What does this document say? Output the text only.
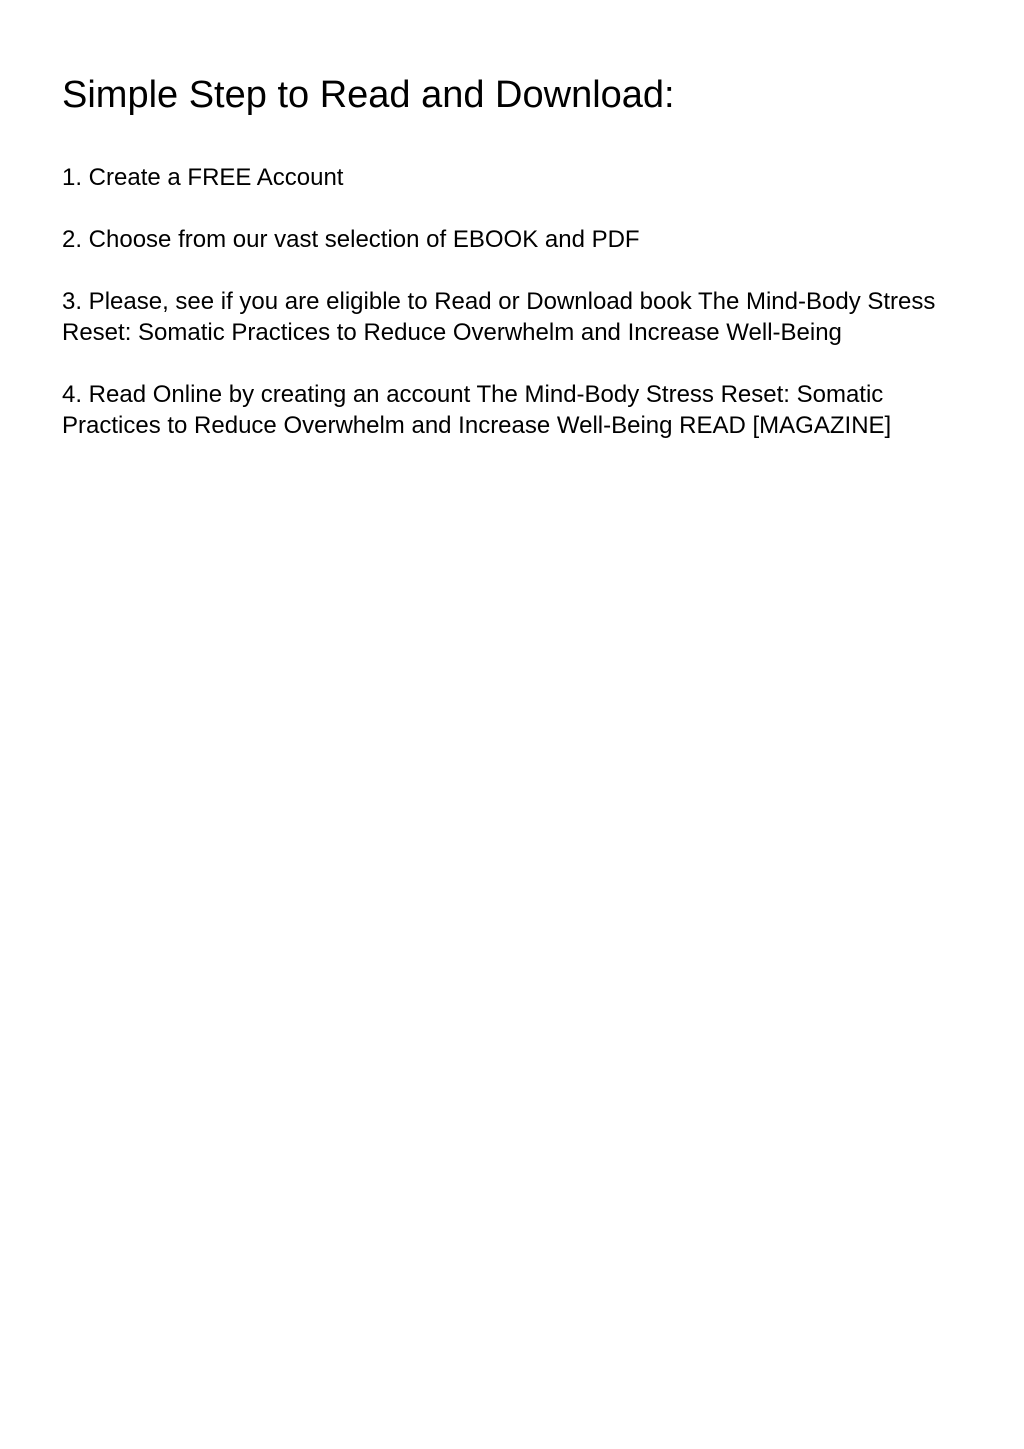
Simple Step to Read and Download:
1. Create a FREE Account
2. Choose from our vast selection of EBOOK and PDF
3. Please, see if you are eligible to Read or Download book The Mind-Body Stress Reset: Somatic Practices to Reduce Overwhelm and Increase Well-Being
4. Read Online by creating an account The Mind-Body Stress Reset: Somatic Practices to Reduce Overwhelm and Increase Well-Being READ [MAGAZINE]
